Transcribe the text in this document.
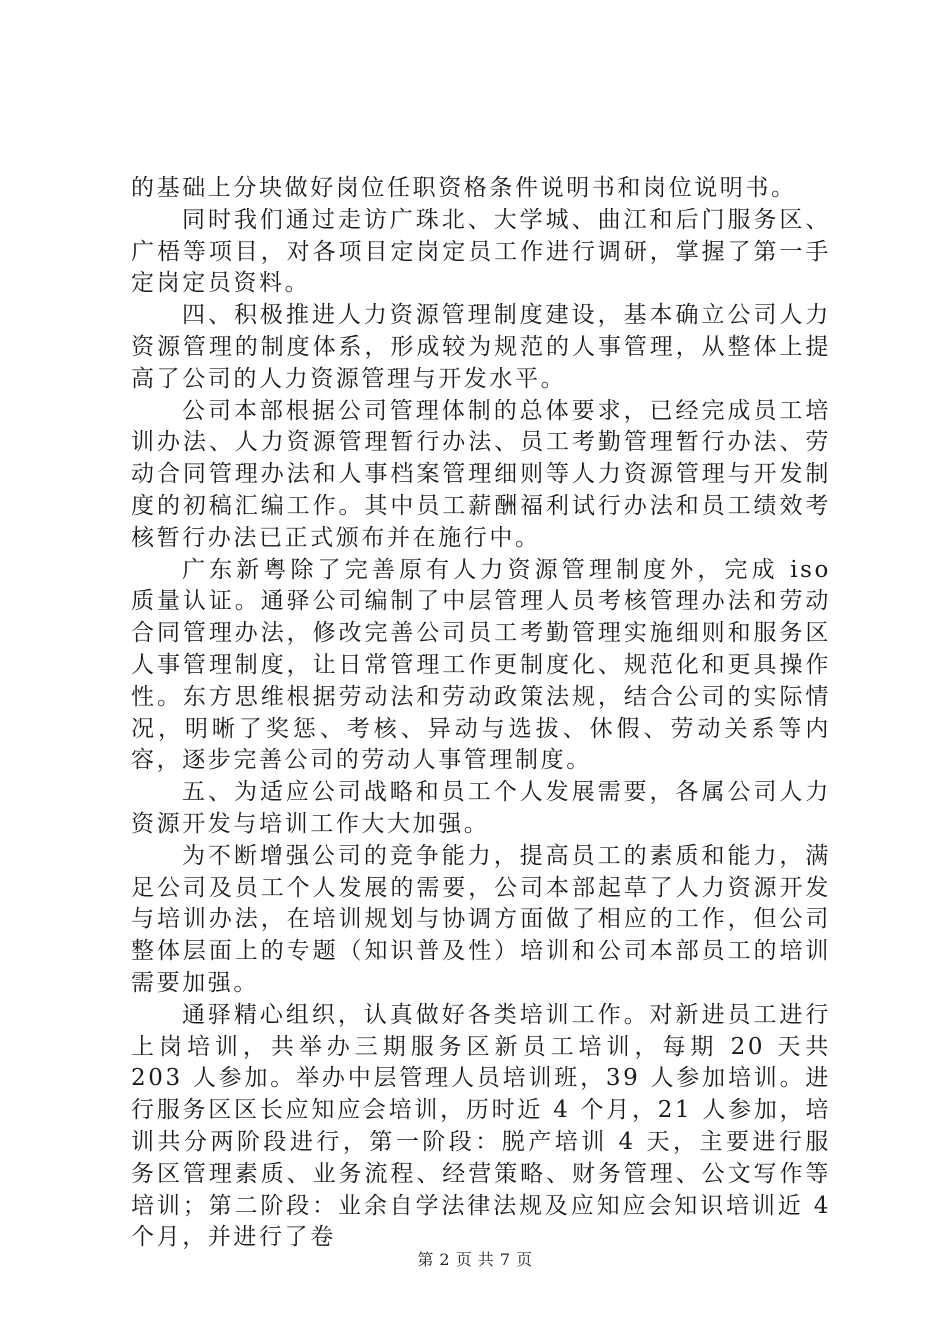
的基础上分块做好岗位任职资格条件说明书和岗位说明书。

同时我们通过走访广珠北、大学城、曲江和后门服务区、广梧等项目，对各项目定岗定员工作进行调研，掌握了第一手定岗定员资料。

四、积极推进人力资源管理制度建设，基本确立公司人力资源管理的制度体系，形成较为规范的人事管理，从整体上提高了公司的人力资源管理与开发水平。

公司本部根据公司管理体制的总体要求，已经完成员工培训办法、人力资源管理暂行办法、员工考勤管理暂行办法、劳动合同管理办法和人事档案管理细则等人力资源管理与开发制度的初稿汇编工作。其中员工薪酬福利试行办法和员工绩效考核暂行办法已正式颁布并在施行中。

广东新粤除了完善原有人力资源管理制度外，完成 iso 质量认证。通驿公司编制了中层管理人员考核管理办法和劳动合同管理办法，修改完善公司员工考勤管理实施细则和服务区人事管理制度，让日常管理工作更制度化、规范化和更具操作性。东方思维根据劳动法和劳动政策法规，结合公司的实际情况，明晰了奖惩、考核、异动与选拔、休假、劳动关系等内容，逐步完善公司的劳动人事管理制度。

五、为适应公司战略和员工个人发展需要，各属公司人力资源开发与培训工作大大加强。

为不断增强公司的竞争能力，提高员工的素质和能力，满足公司及员工个人发展的需要，公司本部起草了人力资源开发与培训办法，在培训规划与协调方面做了相应的工作，但公司整体层面上的专题（知识普及性）培训和公司本部员工的培训需要加强。

通驿精心组织，认真做好各类培训工作。对新进员工进行上岗培训，共举办三期服务区新员工培训，每期 20 天共 203 人参加。举办中层管理人员培训班，39 人参加培训。进行服务区区长应知应会培训，历时近 4 个月，21 人参加，培训共分两阶段进行，第一阶段：脱产培训 4 天，主要进行服务区管理素质、业务流程、经营策略、财务管理、公文写作等培训；第二阶段：业余自学法律法规及应知应会知识培训近 4 个月，并进行了卷

第 2 页 共 7 页
